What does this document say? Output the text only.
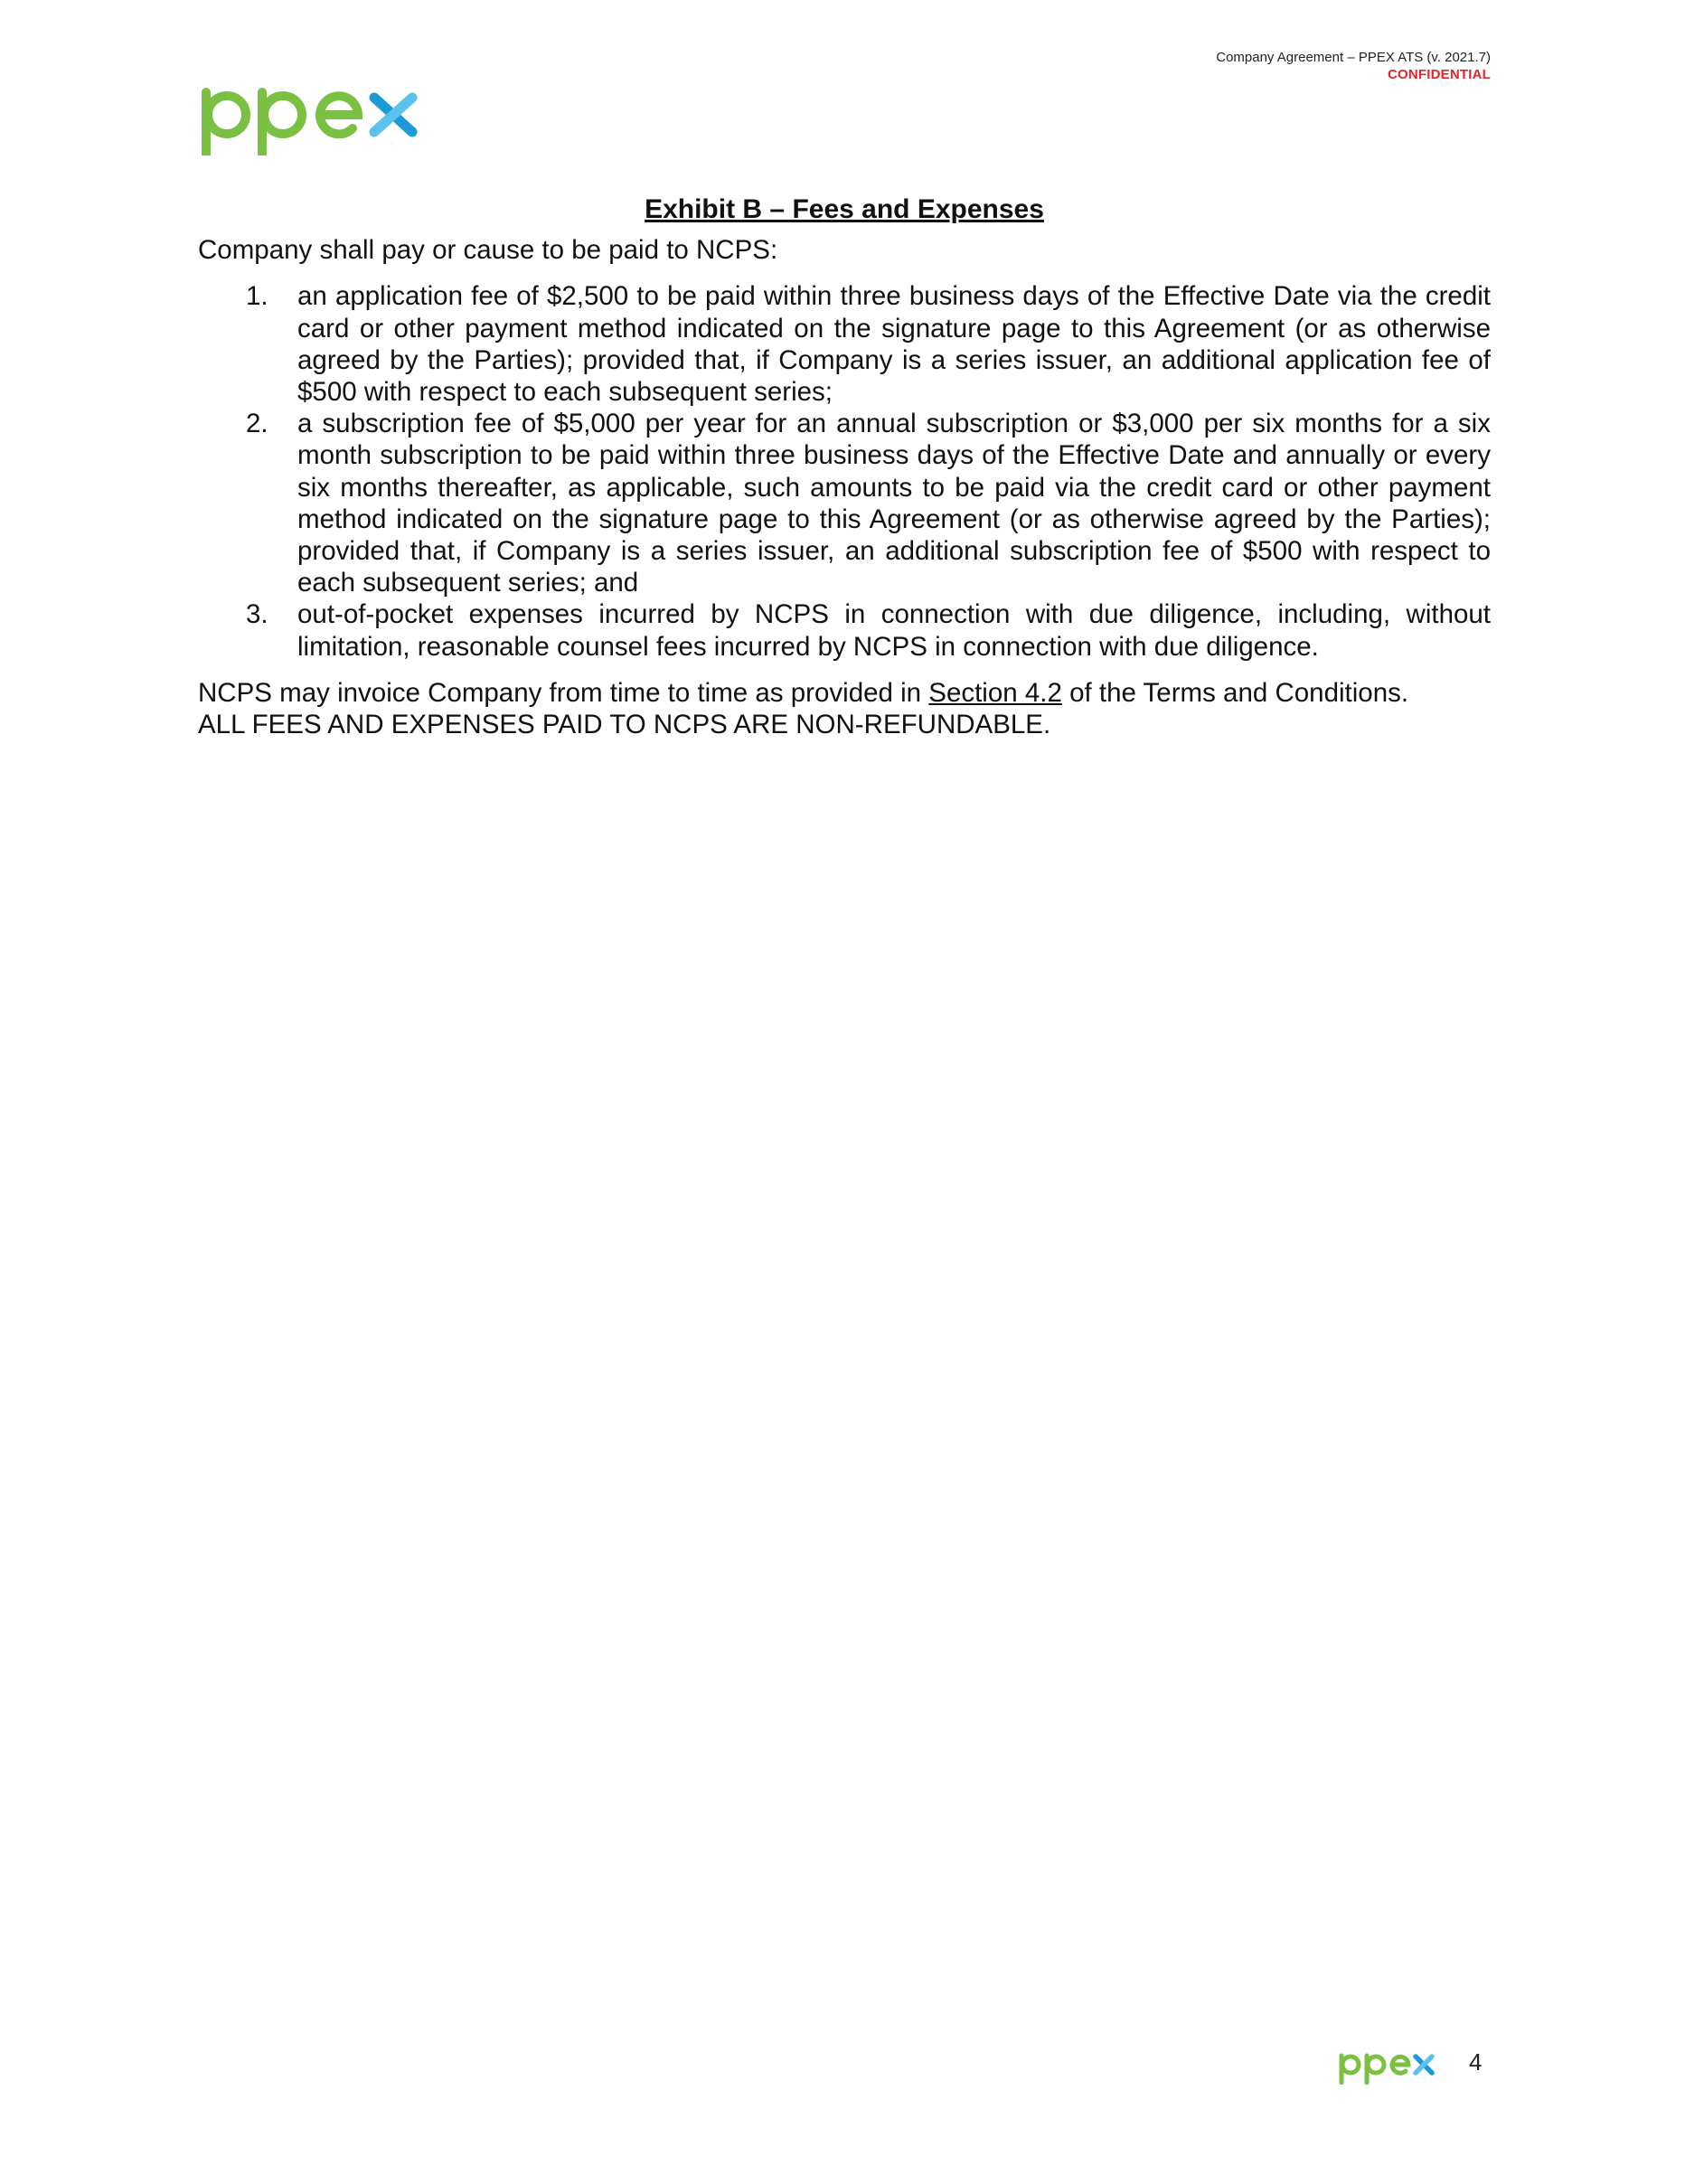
Company Agreement – PPEX ATS (v. 2021.7)
CONFIDENTIAL
Exhibit B – Fees and Expenses

Company shall pay or cause to be paid to NCPS:

1. an application fee of $2,500 to be paid within three business days of the Effective Date via the credit card or other payment method indicated on the signature page to this Agreement (or as otherwise agreed by the Parties); provided that, if Company is a series issuer, an additional application fee of $500 with respect to each subsequent series;
2. a subscription fee of $5,000 per year for an annual subscription or $3,000 per six months for a six month subscription to be paid within three business days of the Effective Date and annually or every six months thereafter, as applicable, such amounts to be paid via the credit card or other payment method indicated on the signature page to this Agreement (or as otherwise agreed by the Parties); provided that, if Company is a series issuer, an additional subscription fee of $500 with respect to each subsequent series; and
3. out-of-pocket expenses incurred by NCPS in connection with due diligence, including, without limitation, reasonable counsel fees incurred by NCPS in connection with due diligence.

NCPS may invoice Company from time to time as provided in Section 4.2 of the Terms and Conditions.

ALL FEES AND EXPENSES PAID TO NCPS ARE NON-REFUNDABLE.

4
